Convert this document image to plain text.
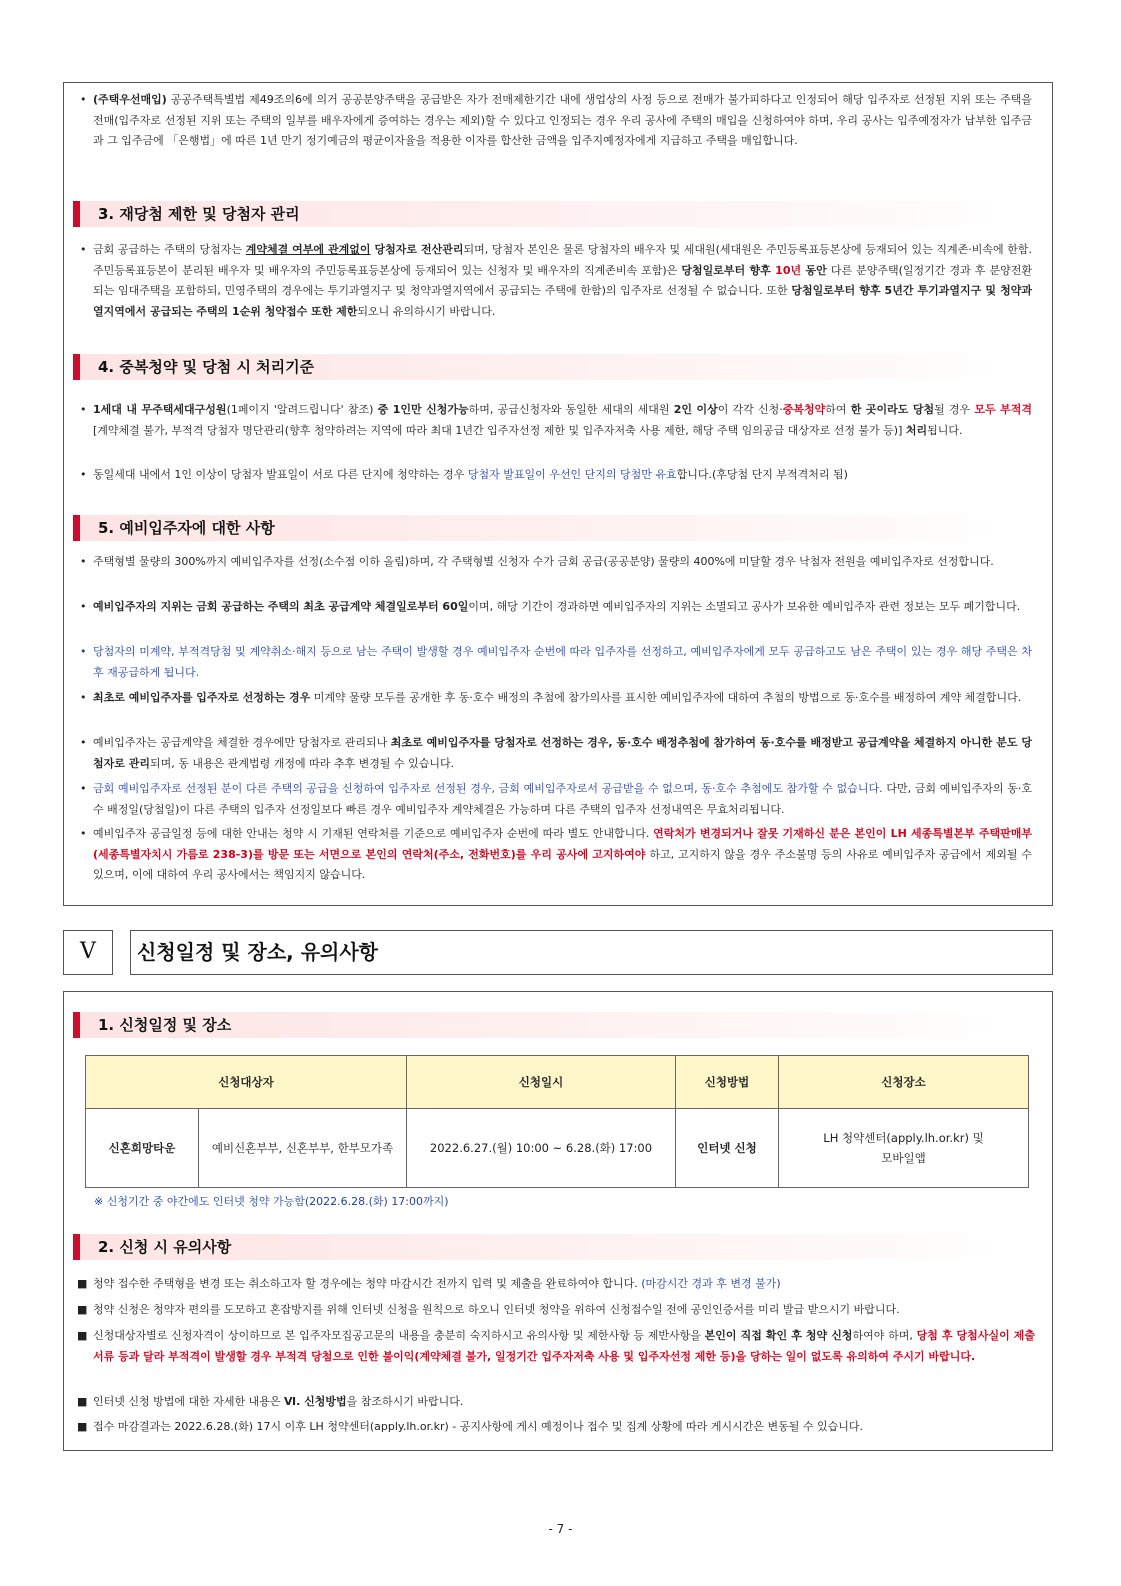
• (주택우선매입) 공공주택특별법 제49조의6에 의거 공공분양주택을 공급받은 자가 전매제한기간 내에 생업상의 사정 등으로 전매가 불가피하다고 인정되어 해당 입주자로 선정된 지위 또는 주택을 전매(입주자로 선정된 지위 또는 주택의 일부를 배우자에게 증여하는 경우는 제외)할 수 있다고 인정되는 경우 우리 공사에 주택의 매입을 신청하여야 하며, 우리 공사는 입주예정자가 납부한 입주금과 그 입주금에 「은행법」에 따른 1년 만기 정기예금의 평균이자율을 적용한 이자를 합산한 금액을 입주지예정자에게 지급하고 주택을 매입합니다.
3. 재당첨 제한 및 당첨자 관리
• 금회 공급하는 주택의 당첨자는 계약체결 여부에 관계없이 당첨자로 전산관리되며, 당첨자 본인은 물론 당첨자의 배우자 및 세대원(세대원은 주민등록표등본상에 등재되어 있는 직계존·비속에 한함. 주민등록표등본이 분리된 배우자 및 배우자의 주민등록표등본상에 등재되어 있는 신청자 및 배우자의 직계존비속 포함)은 당첨일로부터 향후 10년 동안 다른 분양주택(일정기간 경과 후 분양전환 되는 임대주택을 포함하되, 민영주택의 경우에는 투기과열지구 및 청약과열지역에서 공급되는 주택에 한함)의 입주자로 선정될 수 없습니다. 또한 당첨일로부터 향후 5년간 투기과열지구 및 청약과열지역에서 공급되는 주택의 1순위 청약접수 또한 제한되오니 유의하시기 바랍니다.
4. 중복청약 및 당첨 시 처리기준
• 1세대 내 무주택세대구성원(1페이지 '알려드립니다' 참조) 중 1인만 신청가능하며, 공급신청자와 동일한 세대의 세대원 2인 이상이 각각 신청·중복청약하여 한 곳이라도 당첨될 경우 모두 부적격[계약체결 불가, 부적격 당첨자 명단관리(향후 청약하려는 지역에 따라 최대 1년간 입주자선정 제한 및 입주자저축 사용 제한, 해당 주택 임의공급 대상자로 선정 불가 등)] 처리됩니다.
• 동일세대 내에서 1인 이상이 당첨자 발표일이 서로 다른 단지에 청약하는 경우 당첨자 발표일이 우선인 단지의 당첨만 유효합니다.(후당첨 단지 부적격처리 됨)
5. 예비입주자에 대한 사항
• 주택형별 물량의 300%까지 예비입주자를 선정(소수점 이하 올림)하며, 각 주택형별 신청자 수가 금회 공급(공공분양) 물량의 400%에 미달할 경우 낙첨자 전원을 예비입주자로 선정합니다.
• 예비입주자의 지위는 금회 공급하는 주택의 최초 공급계약 체결일로부터 60일이며, 해당 기간이 경과하면 예비입주자의 지위는 소멸되고 공사가 보유한 예비입주자 관련 정보는 모두 폐기합니다.
• 당첨자의 미계약, 부적격당첨 및 계약취소·해지 등으로 남는 주택이 발생할 경우 예비입주자 순번에 따라 입주자를 선정하고, 예비입주자에게 모두 공급하고도 남은 주택이 있는 경우 해당 주택은 차후 재공급하게 됩니다.
• 최초로 예비입주자를 입주자로 선정하는 경우 미계약 물량 모두를 공개한 후 동·호수 배정의 추첨에 참가의사를 표시한 예비입주자에 대하여 추첨의 방법으로 동·호수를 배정하여 계약 체결합니다.
• 예비입주자는 공급계약을 체결한 경우에만 당첨자로 관리되나 최초로 예비입주자를 당첨자로 선정하는 경우, 동·호수 배정추첨에 참가하여 동·호수를 배정받고 공급계약을 체결하지 아니한 분도 당첨자로 관리되며, 동 내용은 관계법령 개정에 따라 추후 변경될 수 있습니다.
• 금회 예비입주자로 선정된 분이 다른 주택의 공급을 신청하여 입주자로 선정된 경우, 금회 예비입주자로서 공급받을 수 없으며, 동·호수 추첨에도 참가할 수 없습니다. 다만, 금회 예비입주자의 동·호수 배정일(당첨일)이 다른 주택의 입주자 선정일보다 빠른 경우 예비입주자 계약체결은 가능하며 다른 주택의 입주자 선정내역은 무효처리됩니다.
• 예비입주자 공급일정 등에 대한 안내는 청약 시 기재된 연락처를 기준으로 예비입주자 순번에 따라 별도 안내합니다. 연락처가 변경되거나 잘못 기재하신 분은 본인이 LH 세종특별본부 주택판매부(세종특별자치시 가름로 238-3)를 방문 또는 서면으로 본인의 연락처(주소, 전화번호)를 우리 공사에 고지하여야 하고, 고지하지 않을 경우 주소불명 등의 사유로 예비입주자 공급에서 제외될 수 있으며, 이에 대하여 우리 공사에서는 책임지지 않습니다.
V	신청일정 및 장소, 유의사항
1. 신청일정 및 장소
신청대상자		신청일시	신청방법	신청장소
신혼희망타운	예비신혼부부, 신혼부부, 한부모가족	2022.6.27.(월) 10:00 ~ 6.28.(화) 17:00	인터넷 신청	LH 청약센터(apply.lh.or.kr) 및
모바일앱
※ 신청기간 중 야간에도 인터넷 청약 가능함(2022.6.28.(화) 17:00까지)
2. 신청 시 유의사항
■ 청약 접수한 주택형을 변경 또는 취소하고자 할 경우에는 청약 마감시간 전까지 입력 및 제출을 완료하여야 합니다. (마감시간 경과 후 변경 불가)
■ 청약 신청은 청약자 편의를 도모하고 혼잡방지를 위해 인터넷 신청을 원칙으로 하오니 인터넷 청약을 위하여 신청접수일 전에 공인인증서를 미리 발급 받으시기 바랍니다.
■ 신청대상자별로 신청자격이 상이하므로 본 입주자모집공고문의 내용을 충분히 숙지하시고 유의사항 및 제한사항 등 제반사항을 본인이 직접 확인 후 청약 신청하여야 하며, 당첨 후 당첨사실이 제출서류 등과 달라 부적격이 발생할 경우 부적격 당첨으로 인한 불이익(계약체결 불가, 일정기간 입주자저축 사용 및 입주자선정 제한 등)을 당하는 일이 없도록 유의하여 주시기 바랍니다.
■ 인터넷 신청 방법에 대한 자세한 내용은 Ⅵ. 신청방법을 참조하시기 바랍니다.
■ 접수 마감결과는 2022.6.28.(화) 17시 이후 LH 청약센터(apply.lh.or.kr) - 공지사항에 게시 예정이나 접수 및 집계 상황에 따라 게시시간은 변동될 수 있습니다.
- 7 -
